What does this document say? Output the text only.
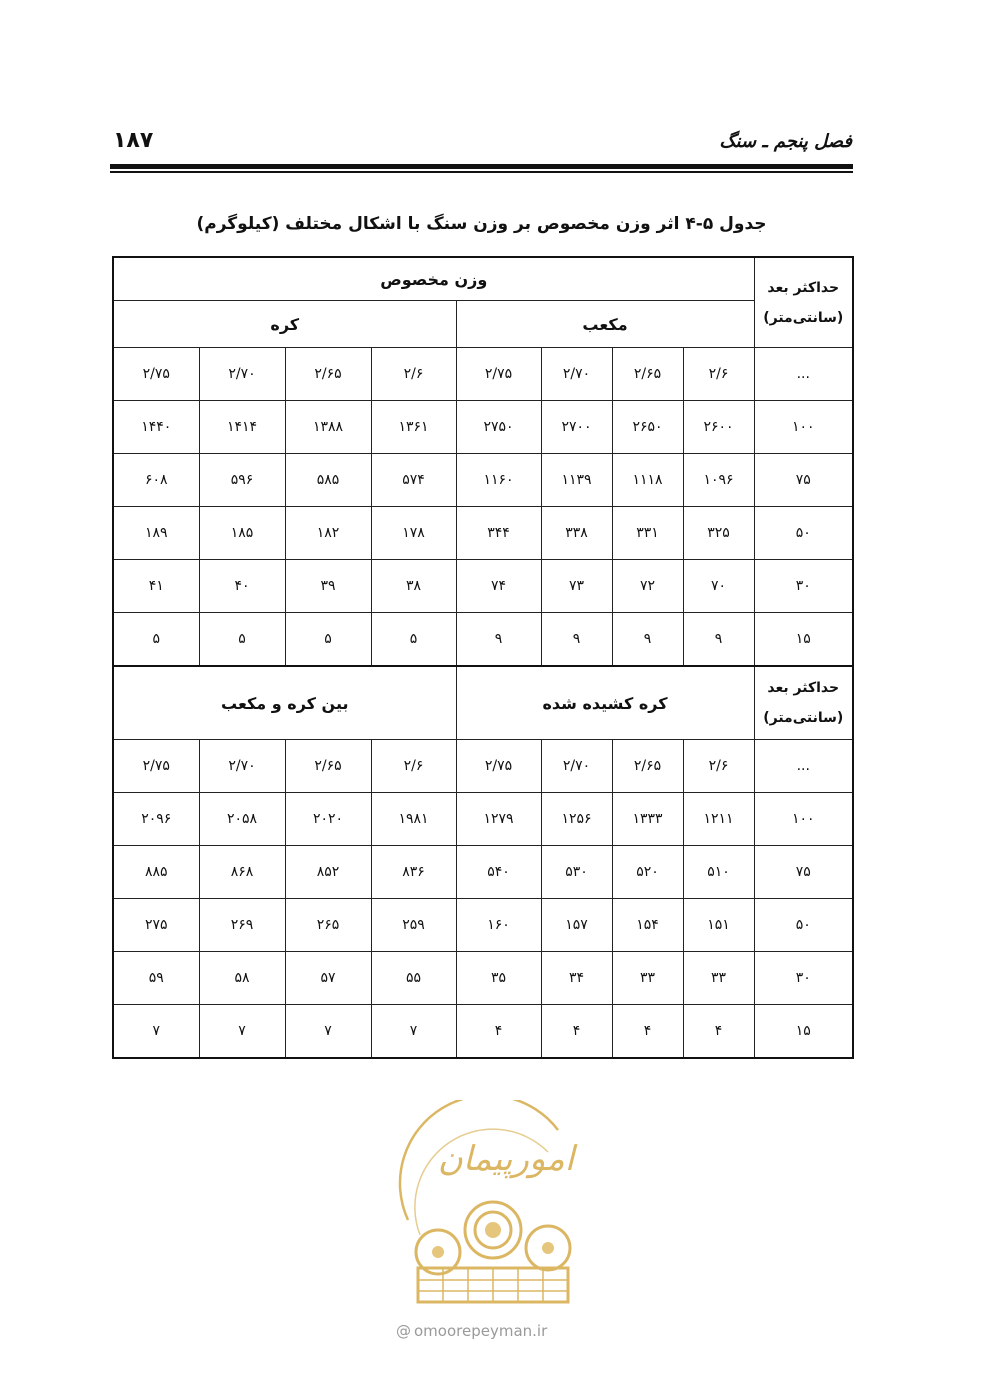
۱۸۷	فصل پنجم ـ سنگ
جدول ۵-۴ اثر وزن مخصوص بر وزن سنگ با اشکال مختلف (کیلوگرم)
حداکثر بعد
(سانتی‌متر)	وزن مخصوص							
	مکعب				کره			
...	۲/۶	۲/۶۵	۲/۷۰	۲/۷۵	۲/۶	۲/۶۵	۲/۷۰	۲/۷۵
۱۰۰	۲۶۰۰	۲۶۵۰	۲۷۰۰	۲۷۵۰	۱۳۶۱	۱۳۸۸	۱۴۱۴	۱۴۴۰
۷۵	۱۰۹۶	۱۱۱۸	۱۱۳۹	۱۱۶۰	۵۷۴	۵۸۵	۵۹۶	۶۰۸
۵۰	۳۲۵	۳۳۱	۳۳۸	۳۴۴	۱۷۸	۱۸۲	۱۸۵	۱۸۹
۳۰	۷۰	۷۲	۷۳	۷۴	۳۸	۳۹	۴۰	۴۱
۱۵	۹	۹	۹	۹	۵	۵	۵	۵

حداکثر بعد
(سانتی‌متر)	کره کشیده شده				بین کره و مکعب			
...	۲/۶	۲/۶۵	۲/۷۰	۲/۷۵	۲/۶	۲/۶۵	۲/۷۰	۲/۷۵
۱۰۰	۱۲۱۱	۱۳۳۳	۱۲۵۶	۱۲۷۹	۱۹۸۱	۲۰۲۰	۲۰۵۸	۲۰۹۶
۷۵	۵۱۰	۵۲۰	۵۳۰	۵۴۰	۸۳۶	۸۵۲	۸۶۸	۸۸۵
۵۰	۱۵۱	۱۵۴	۱۵۷	۱۶۰	۲۵۹	۲۶۵	۲۶۹	۲۷۵
۳۰	۳۳	۳۳	۳۴	۳۵	۵۵	۵۷	۵۸	۵۹
۱۵	۴	۴	۴	۴	۷	۷	۷	۷
امورپیمان
@ omoorepeyman.ir
